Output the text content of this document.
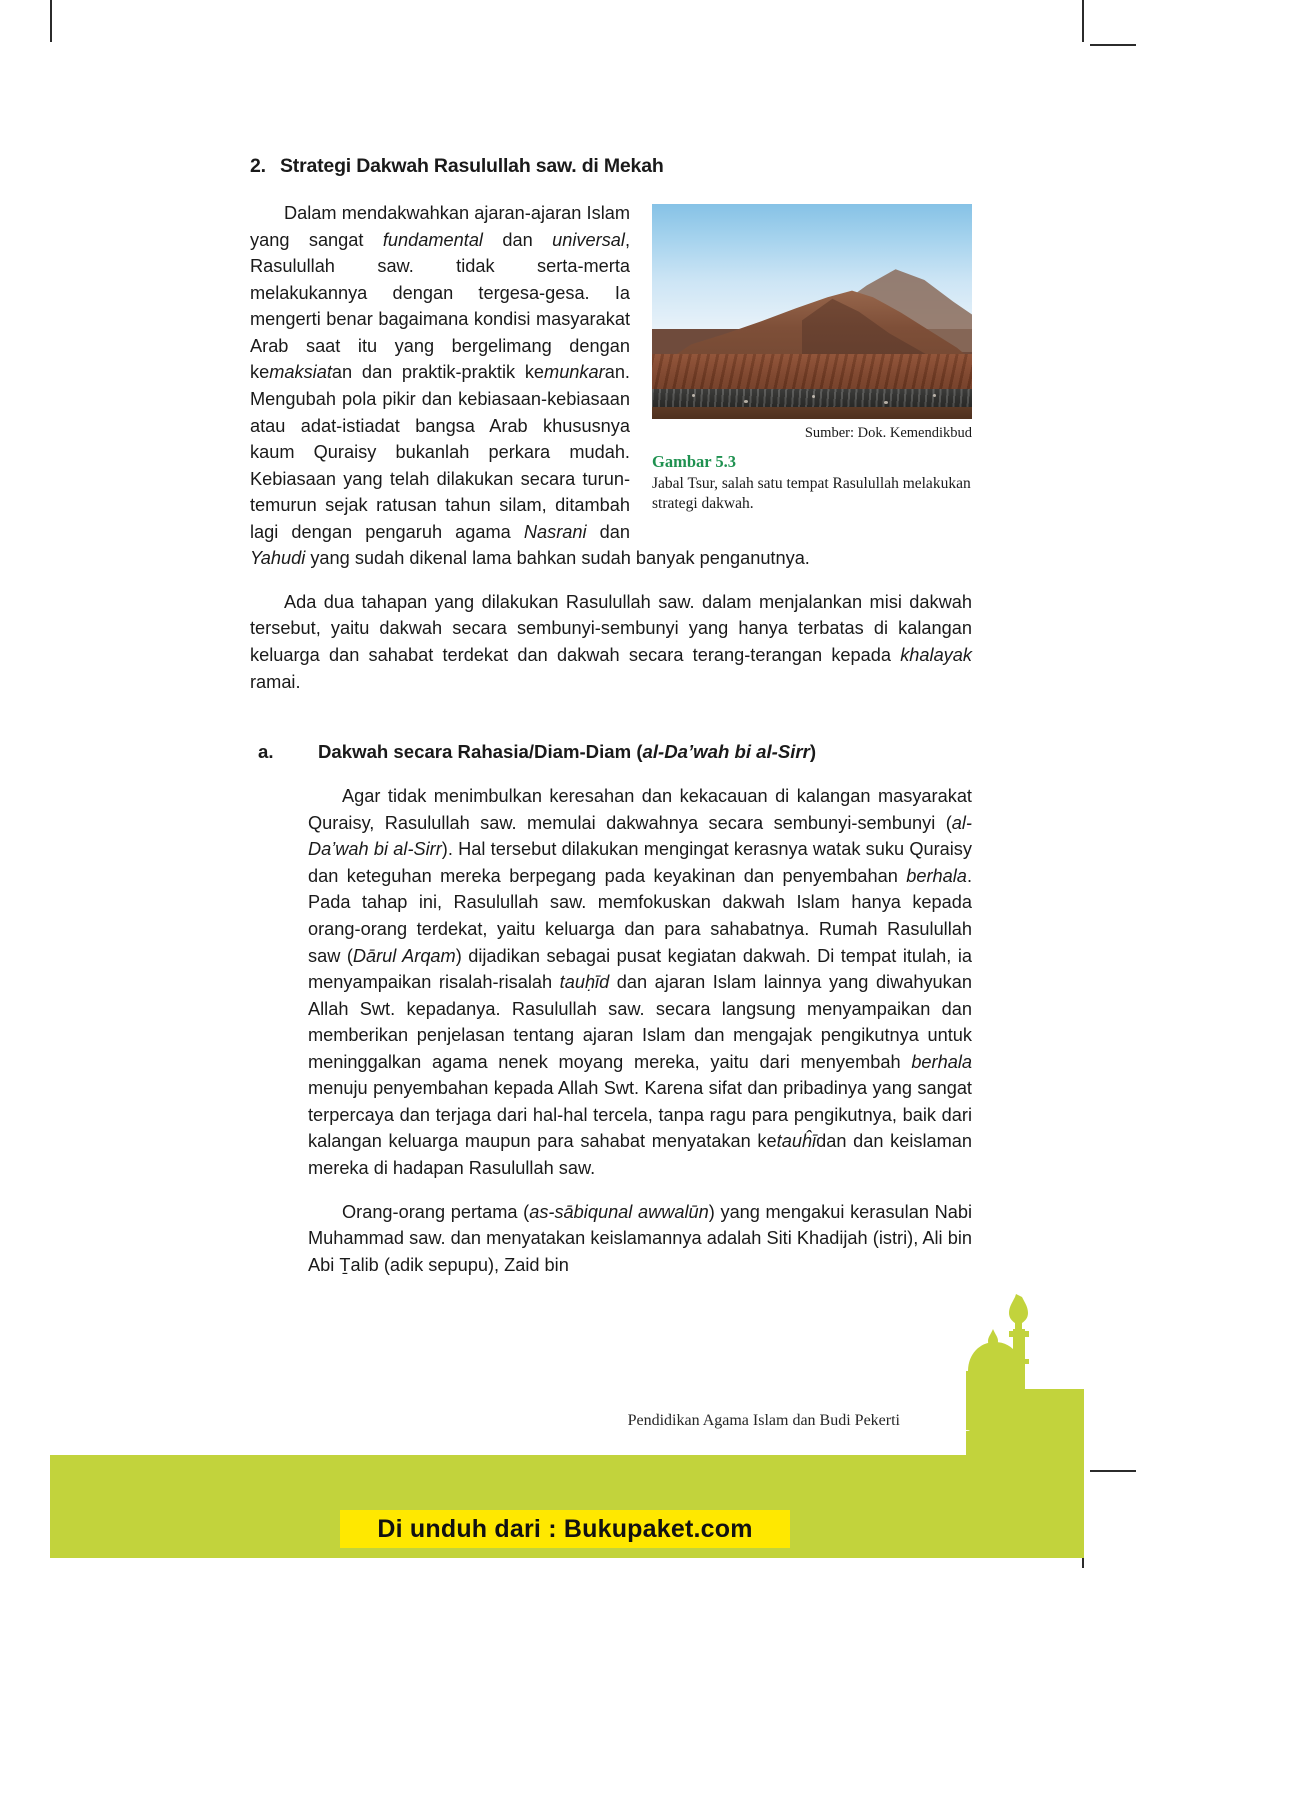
2. Strategi Dakwah Rasulullah saw. di Mekah
Sumber: Dok. Kemendikbud
Gambar 5.3
Jabal Tsur, salah satu tempat Rasulullah melakukan strategi dakwah.

Dalam mendakwahkan ajaran-ajaran Islam yang sangat fundamental dan universal, Rasulullah saw. tidak serta-merta melakukannya dengan tergesa-gesa. Ia mengerti benar bagaimana kondisi masyarakat Arab saat itu yang bergelimang dengan kemaksiatan dan praktik-praktik kemunkaran. Mengubah pola pikir dan kebiasaan-kebiasaan atau adat-istiadat bangsa Arab khususnya kaum Quraisy bukanlah perkara mudah. Kebiasaan yang telah dilakukan secara turun-temurun sejak ratusan tahun silam, ditambah lagi dengan pengaruh agama Nasrani dan Yahudi yang sudah dikenal lama bahkan sudah banyak penganutnya.

Ada dua tahapan yang dilakukan Rasulullah saw. dalam menjalankan misi dakwah tersebut, yaitu dakwah secara sembunyi-sembunyi yang hanya terbatas di kalangan keluarga dan sahabat terdekat dan dakwah secara terang-terangan kepada khalayak ramai.

a. Dakwah secara Rahasia/Diam-Diam (al-Da’wah bi al-Sirr)

Agar tidak menimbulkan keresahan dan kekacauan di kalangan masyarakat Quraisy, Rasulullah saw. memulai dakwahnya secara sembunyi-sembunyi (al-Da’wah bi al-Sirr). Hal tersebut dilakukan mengingat kerasnya watak suku Quraisy dan keteguhan mereka berpegang pada keyakinan dan penyembahan berhala. Pada tahap ini, Rasulullah saw. memfokuskan dakwah Islam hanya kepada orang-orang terdekat, yaitu keluarga dan para sahabatnya. Rumah Rasulullah saw (Dārul Arqam) dijadikan sebagai pusat kegiatan dakwah. Di tempat itulah, ia menyampaikan risalah-risalah tauḥīd dan ajaran Islam lainnya yang diwahyukan Allah Swt. kepadanya. Rasulullah saw. secara langsung menyampaikan dan memberikan penjelasan tentang ajaran Islam dan mengajak pengikutnya untuk meninggalkan agama nenek moyang mereka, yaitu dari menyembah berhala menuju penyembahan kepada Allah Swt. Karena sifat dan pribadinya yang sangat terpercaya dan terjaga dari hal-hal tercela, tanpa ragu para pengikutnya, baik dari kalangan keluarga maupun para sahabat menyatakan ketauĥīdan dan keislaman mereka di hadapan Rasulullah saw.

Orang-orang pertama (as-sābiqunal awwalūn) yang mengakui kerasulan Nabi Muhammad saw. dan menyatakan keislamannya adalah Siti Khadijah (istri), Ali bin Abi Ṯalib (adik sepupu), Zaid bin

Pendidikan Agama Islam dan Budi Pekerti	71
Di unduh dari : Bukupaket.com
